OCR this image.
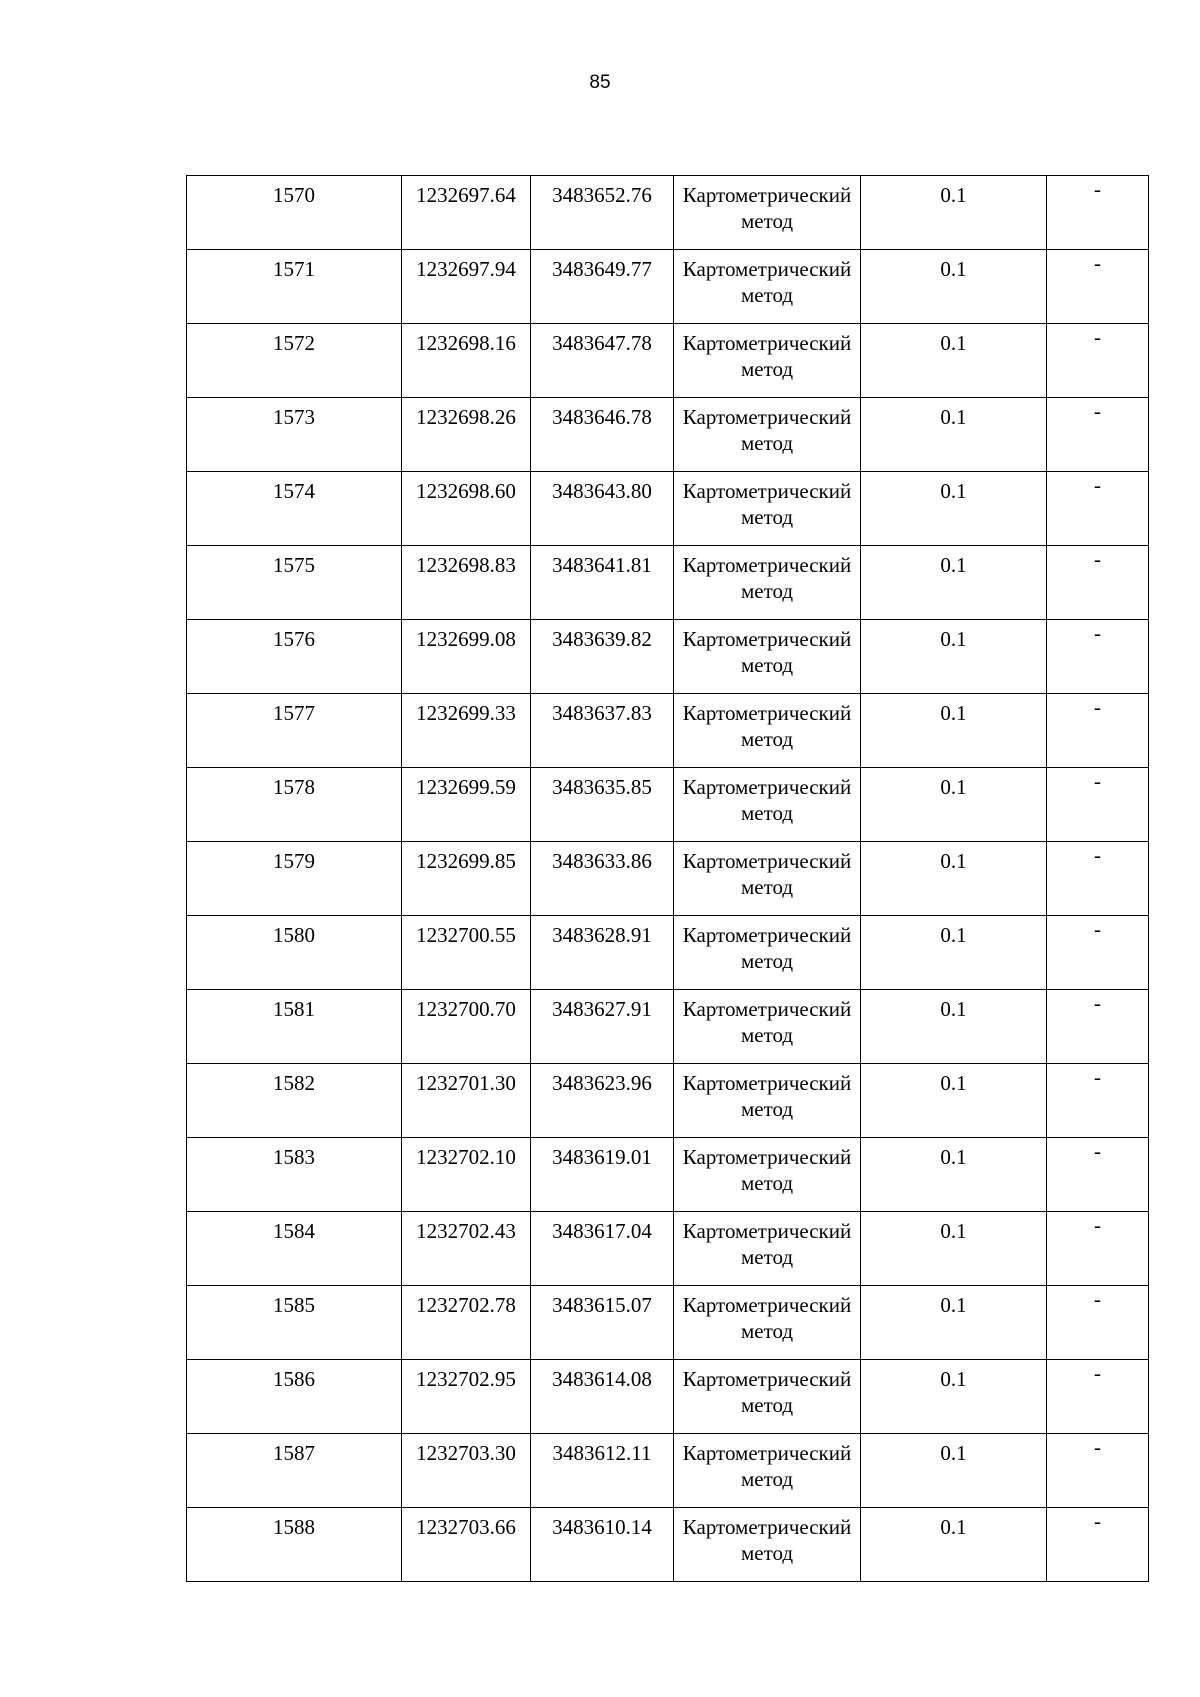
85
1570	1232697.64	3483652.76	Картометрический
метод	0.1	-

1571	1232697.94	3483649.77	Картометрический
метод	0.1	-

1572	1232698.16	3483647.78	Картометрический
метод	0.1	-

1573	1232698.26	3483646.78	Картометрический
метод	0.1	-

1574	1232698.60	3483643.80	Картометрический
метод	0.1	-

1575	1232698.83	3483641.81	Картометрический
метод	0.1	-

1576	1232699.08	3483639.82	Картометрический
метод	0.1	-

1577	1232699.33	3483637.83	Картометрический
метод	0.1	-

1578	1232699.59	3483635.85	Картометрический
метод	0.1	-

1579	1232699.85	3483633.86	Картометрический
метод	0.1	-

1580	1232700.55	3483628.91	Картометрический
метод	0.1	-

1581	1232700.70	3483627.91	Картометрический
метод	0.1	-

1582	1232701.30	3483623.96	Картометрический
метод	0.1	-

1583	1232702.10	3483619.01	Картометрический
метод	0.1	-

1584	1232702.43	3483617.04	Картометрический
метод	0.1	-

1585	1232702.78	3483615.07	Картометрический
метод	0.1	-

1586	1232702.95	3483614.08	Картометрический
метод	0.1	-

1587	1232703.30	3483612.11	Картометрический
метод	0.1	-

1588	1232703.66	3483610.14	Картометрический
метод	0.1	-
